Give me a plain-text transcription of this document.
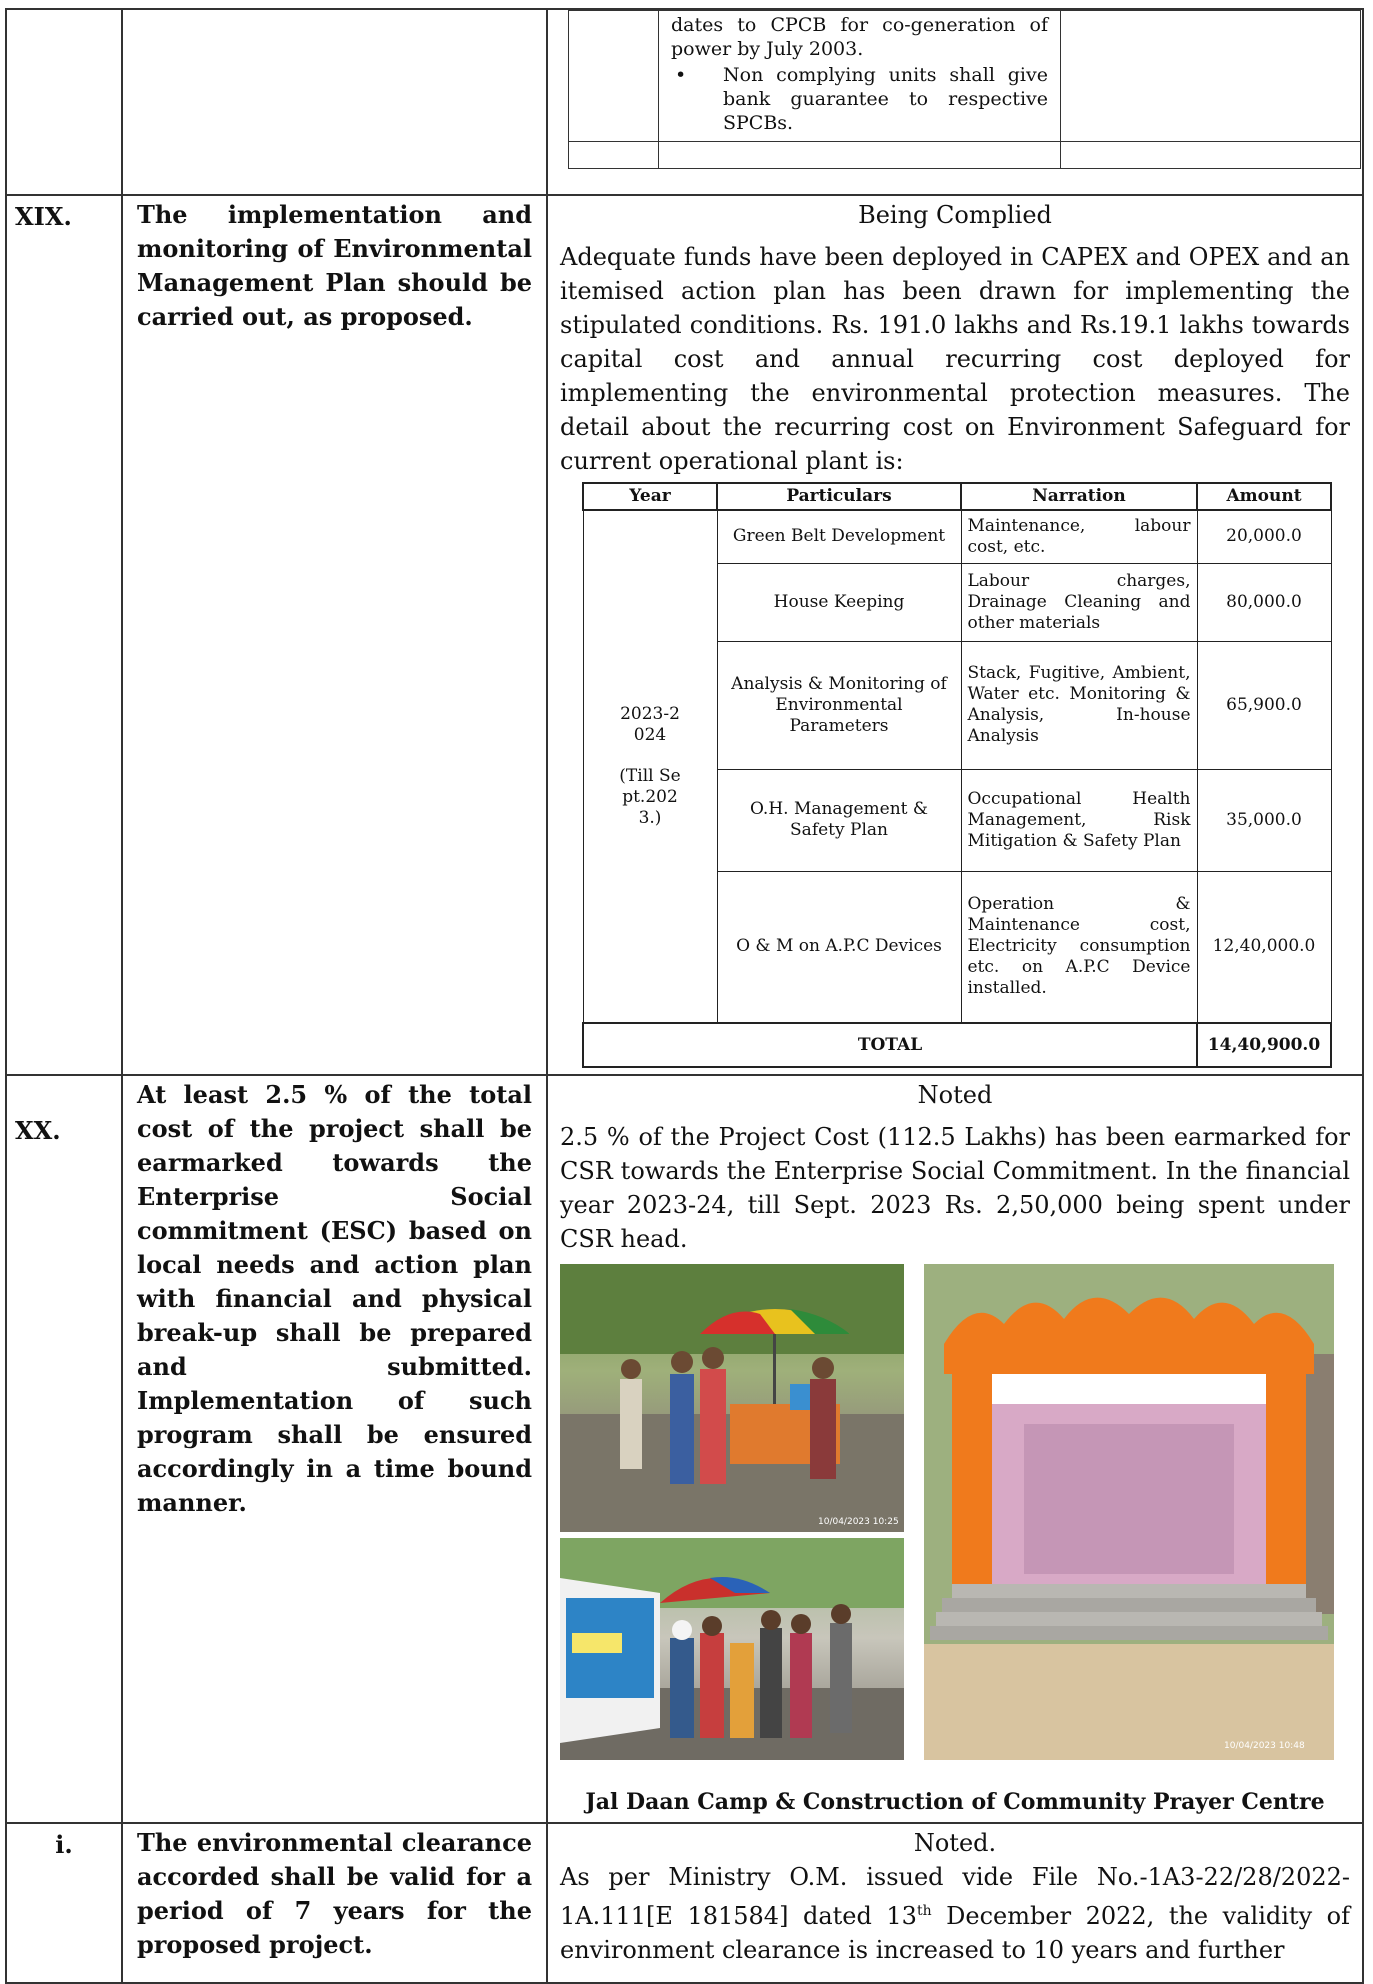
dates to CPCB for co-generation of power by July 2003.
•	Non complying units shall give bank guarantee to respective SPCBs.

XIX.	The implementation and monitoring of Environmental Management Plan should be carried out, as proposed.	
Being Complied

Adequate funds have been deployed in CAPEX and OPEX and an itemised action plan has been drawn for implementing the stipulated conditions. Rs. 191.0 lakhs and Rs.19.1 lakhs towards capital cost and annual recurring cost deployed for implementing the environmental protection measures. The detail about the recurring cost on Environment Safeguard for current operational plant is:

Year	Particulars	Narration	Amount

2023-2024
(Till Sept.2023.)
	Green Belt Development	Maintenance, labour cost, etc.	20,000.0
House Keeping	Labour charges, Drainage Cleaning and other materials	80,000.0
Analysis & Monitoring of Environmental Parameters	Stack, Fugitive, Ambient, Water etc. Monitoring & Analysis, In-house Analysis	65,900.0
O.H. Management & Safety Plan	Occupational Health Management, Risk Mitigation & Safety Plan	35,000.0
O & M on A.P.C Devices	Operation & Maintenance cost, Electricity consumption etc. on A.P.C Device installed.	12,40,000.0
TOTAL	14,40,900.0

XX.	At least 2.5 % of the total cost of the project shall be earmarked towards the Enterprise Social commitment (ESC) based on local needs and action plan with financial and physical break-up shall be prepared and submitted. Implementation of such program shall be ensured accordingly in a time bound manner.	
Noted

2.5 % of the Project Cost (112.5 Lakhs) has been earmarked for CSR towards the Enterprise Social Commitment. In the financial year 2023-24, till Sept. 2023 Rs. 2,50,000 being spent under CSR head.

10/04/2023 10:25
10/04/2023 10:48
Jal Daan Camp & Construction of Community Prayer Centre

i.	The environmental clearance accorded shall be valid for a period of 7 years for the proposed project.	
Noted.

As per Ministry O.M. issued vide File No.-1A3-22/28/2022-1A.111[E 181584] dated 13th December 2022, the validity of environment clearance is increased to 10 years and further
